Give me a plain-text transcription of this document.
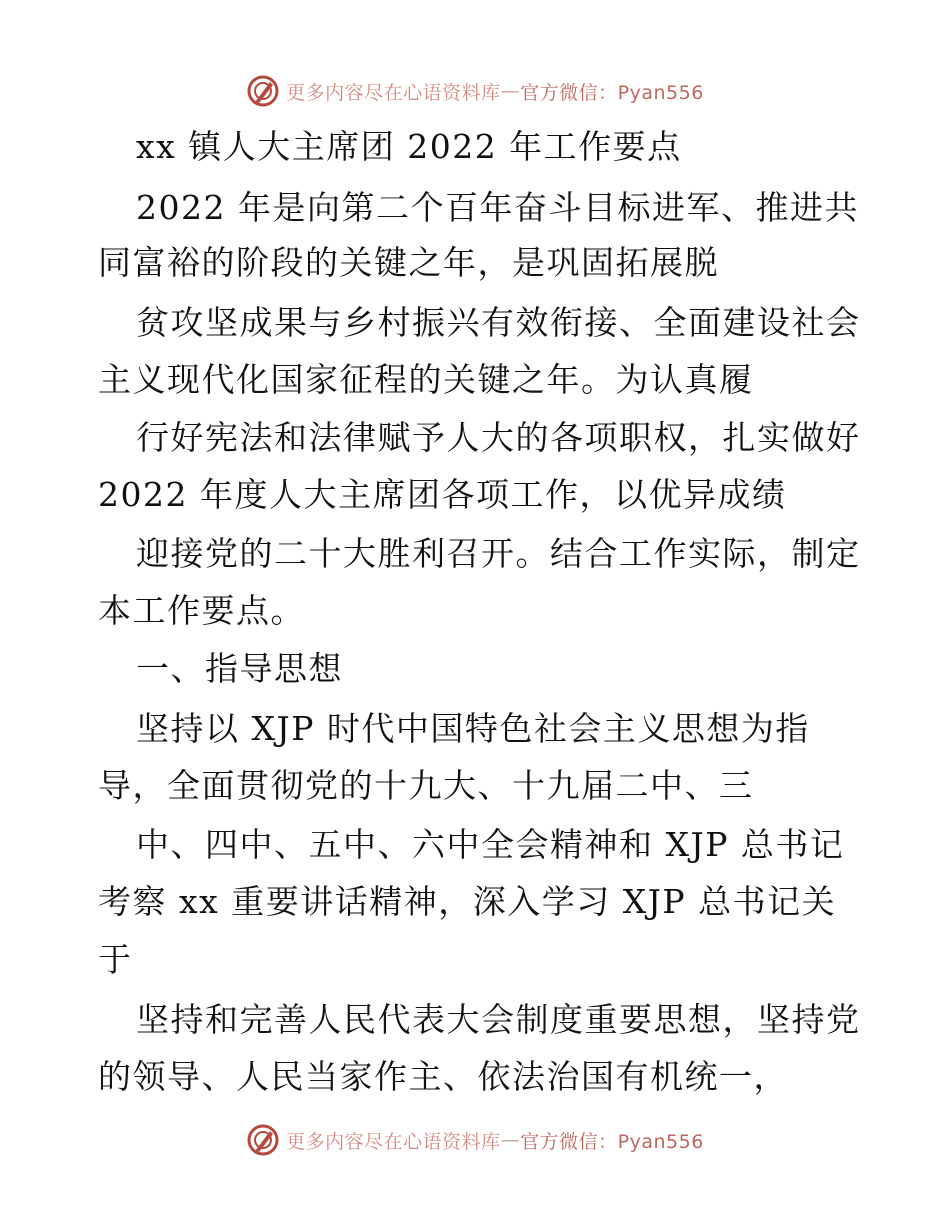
更多内容尽在心语资料库 — 官方微信：Pyan556
xx 镇人大主席团 2022 年工作要点
2022 年是向第二个百年奋斗目标进军、推进共
同富裕的阶段的关键之年，是巩固拓展脱
贫攻坚成果与乡村振兴有效衔接、全面建设社会
主义现代化国家征程的关键之年。为认真履
行好宪法和法律赋予人大的各项职权，扎实做好
2022 年度人大主席团各项工作，以优异成绩
迎接党的二十大胜利召开。结合工作实际，制定
本工作要点。
一、指导思想
坚持以 XJP 时代中国特色社会主义思想为指
导，全面贯彻党的十九大、十九届二中、三
中、四中、五中、六中全会精神和 XJP 总书记
考察 xx 重要讲话精神，深入学习 XJP 总书记关
于
坚持和完善人民代表大会制度重要思想，坚持党
的领导、人民当家作主、依法治国有机统一，
更多内容尽在心语资料库 — 官方微信：Pyan556
